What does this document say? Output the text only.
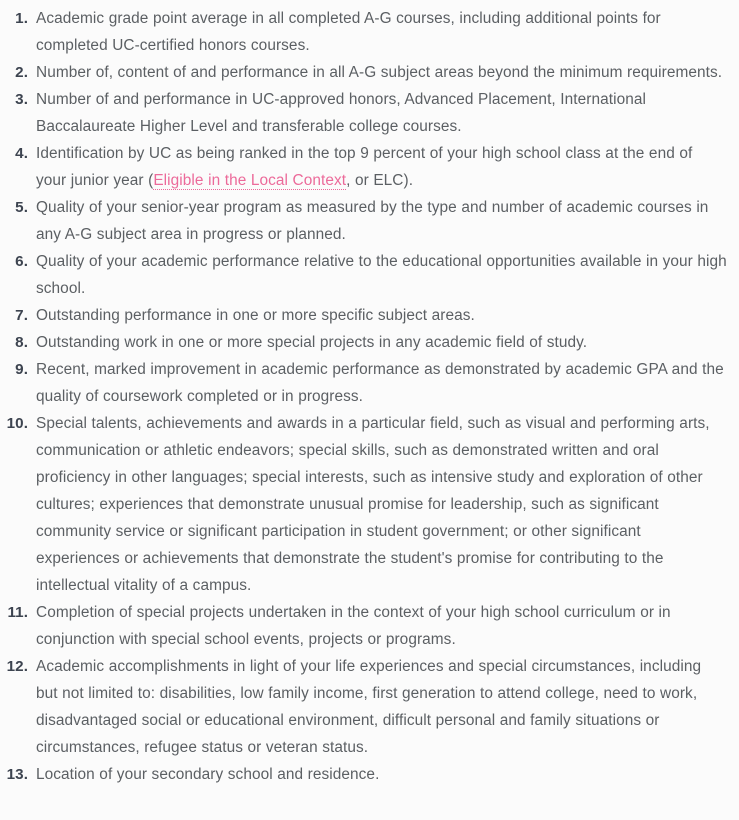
Academic grade point average in all completed A-G courses, including additional points for completed UC-certified honors courses.
Number of, content of and performance in all A-G subject areas beyond the minimum requirements.
Number of and performance in UC-approved honors, Advanced Placement, International Baccalaureate Higher Level and transferable college courses.
Identification by UC as being ranked in the top 9 percent of your high school class at the end of your junior year (Eligible in the Local Context, or ELC).
Quality of your senior-year program as measured by the type and number of academic courses in any A-G subject area in progress or planned.
Quality of your academic performance relative to the educational opportunities available in your high school.
Outstanding performance in one or more specific subject areas.
Outstanding work in one or more special projects in any academic field of study.
Recent, marked improvement in academic performance as demonstrated by academic GPA and the quality of coursework completed or in progress.
Special talents, achievements and awards in a particular field, such as visual and performing arts, communication or athletic endeavors; special skills, such as demonstrated written and oral proficiency in other languages; special interests, such as intensive study and exploration of other cultures; experiences that demonstrate unusual promise for leadership, such as significant community service or significant participation in student government; or other significant experiences or achievements that demonstrate the student's promise for contributing to the intellectual vitality of a campus.
Completion of special projects undertaken in the context of your high school curriculum or in conjunction with special school events, projects or programs.
Academic accomplishments in light of your life experiences and special circumstances, including but not limited to: disabilities, low family income, first generation to attend college, need to work, disadvantaged social or educational environment, difficult personal and family situations or circumstances, refugee status or veteran status.
Location of your secondary school and residence.
